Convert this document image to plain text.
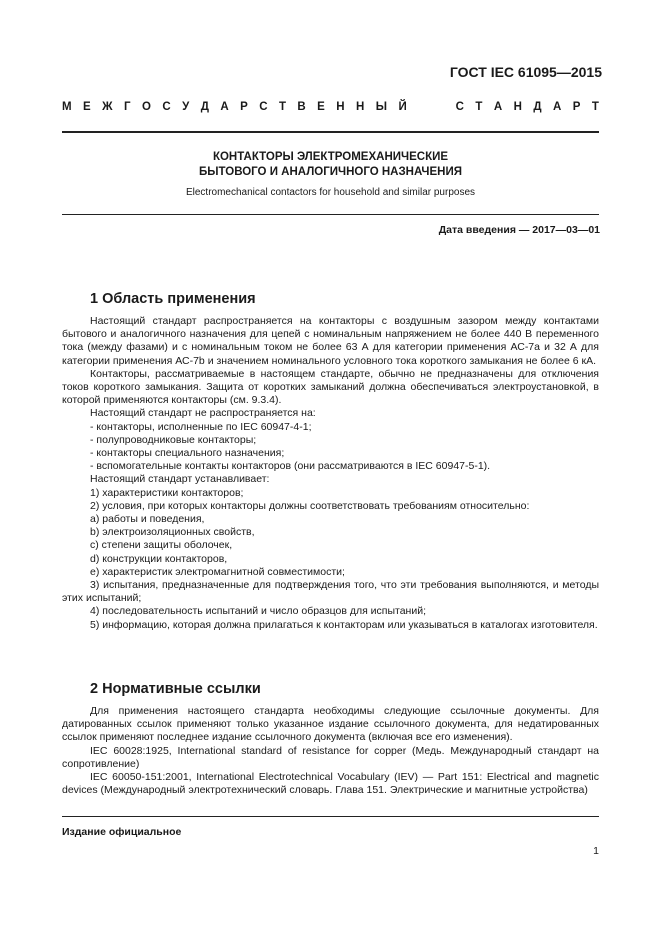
ГОСТ IEC 61095—2015
М Е Ж Г О С У Д А Р С Т В Е Н Н Ы Й	С Т А Н Д А Р Т
КОНТАКТОРЫ ЭЛЕКТРОМЕХАНИЧЕСКИЕ
БЫТОВОГО И АНАЛОГИЧНОГО НАЗНАЧЕНИЯ
Electromechanical contactors for household and similar purposes
Дата введения — 2017—03—01
1 Область применения

Настоящий стандарт распространяется на контакторы с воздушным зазором между контактами бытового и аналогичного назначения для цепей с номинальным напряжением не более 440 В переменного тока (между фазами) и с номинальным током не более 63 А для категории применения АС-7а и 32 А для категории применения АС-7b и значением номинального условного тока короткого замыкания не более 6 кА.

Контакторы, рассматриваемые в настоящем стандарте, обычно не предназначены для отключения токов короткого замыкания. Защита от коротких замыканий должна обеспечиваться электроустановкой, в которой применяются контакторы (см. 9.3.4).

Настоящий стандарт не распространяется на:

- контакторы, исполненные по IEC 60947-4-1;

- полупроводниковые контакторы;

- контакторы специального назначения;

- вспомогательные контакты контакторов (они рассматриваются в IEC 60947-5-1).

Настоящий стандарт устанавливает:

1) характеристики контакторов;

2) условия, при которых контакторы должны соответствовать требованиям относительно:

a) работы и поведения,

b) электроизоляционных свойств,

c) степени защиты оболочек,

d) конструкции контакторов,

e) характеристик электромагнитной совместимости;

3) испытания, предназначенные для подтверждения того, что эти требования выполняются, и методы этих испытаний;

4) последовательность испытаний и число образцов для испытаний;

5) информацию, которая должна прилагаться к контакторам или указываться в каталогах изготовителя.

2 Нормативные ссылки

Для применения настоящего стандарта необходимы следующие ссылочные документы. Для датированных ссылок применяют только указанное издание ссылочного документа, для недатированных ссылок применяют последнее издание ссылочного документа (включая все его изменения).

IEC 60028:1925, International standard of resistance for copper (Медь. Международный стандарт на сопротивление)

IEC 60050-151:2001, International Electrotechnical Vocabulary (IEV) — Part 151: Electrical and magnetic devices (Международный электротехнический словарь. Глава 151. Электрические и магнитные устройства)

Издание официальное
1
